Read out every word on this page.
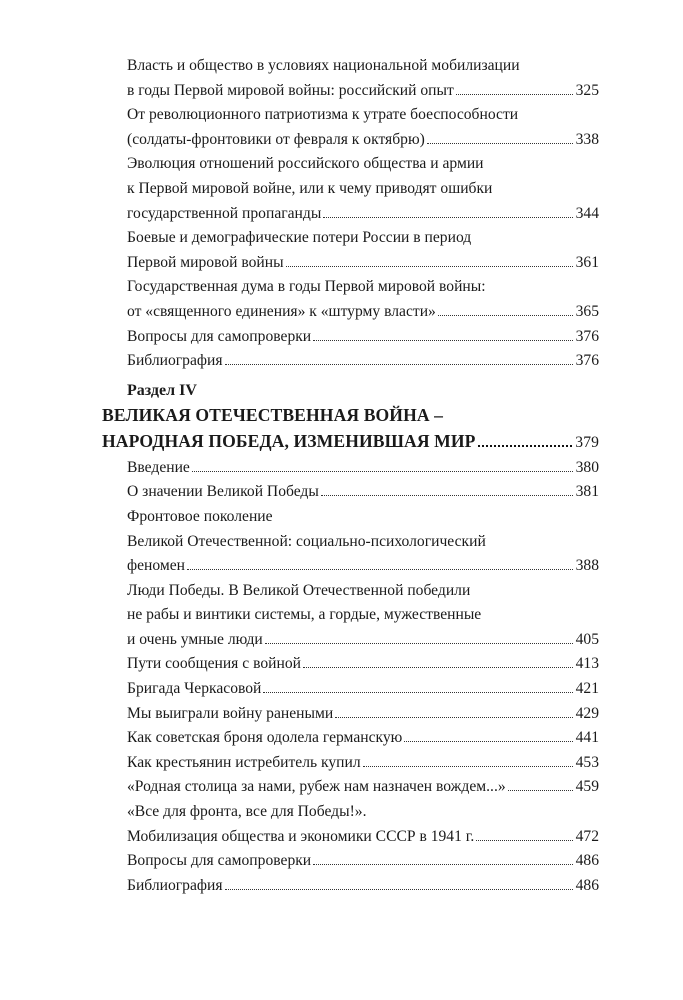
Власть и общество в условиях национальной мобилизации
в годы Первой мировой войны: российский опыт	325
От революционного патриотизма к утрате боеспособности
(солдаты-фронтовики от февраля к октябрю)	338
Эволюция отношений российского общества и армии
к Первой мировой войне, или к чему приводят ошибки
государственной пропаганды	344
Боевые и демографические потери России в период
Первой мировой войны	361
Государственная дума в годы Первой мировой войны:
от «священного единения» к «штурму власти»	365
Вопросы для самопроверки	376
Библиография	376
Раздел IV
ВЕЛИКАЯ ОТЕЧЕСТВЕННАЯ ВОЙНА –
НАРОДНАЯ ПОБЕДА, ИЗМЕНИВШАЯ МИР	379
Введение	380
О значении Великой Победы	381
Фронтовое поколение
Великой Отечественной: социально-психологический
феномен	388
Люди Победы. В Великой Отечественной победили
не рабы и винтики системы, а гордые, мужественные
и очень умные люди	405
Пути сообщения с войной	413
Бригада Черкасовой	421
Мы выиграли войну ранеными	429
Как советская броня одолела германскую	441
Как крестьянин истребитель купил	453
«Родная столица за нами, рубеж нам назначен вождем...»	459
«Все для фронта, все для Победы!».
Мобилизация общества и экономики СССР в 1941 г.	472
Вопросы для самопроверки	486
Библиография	486
